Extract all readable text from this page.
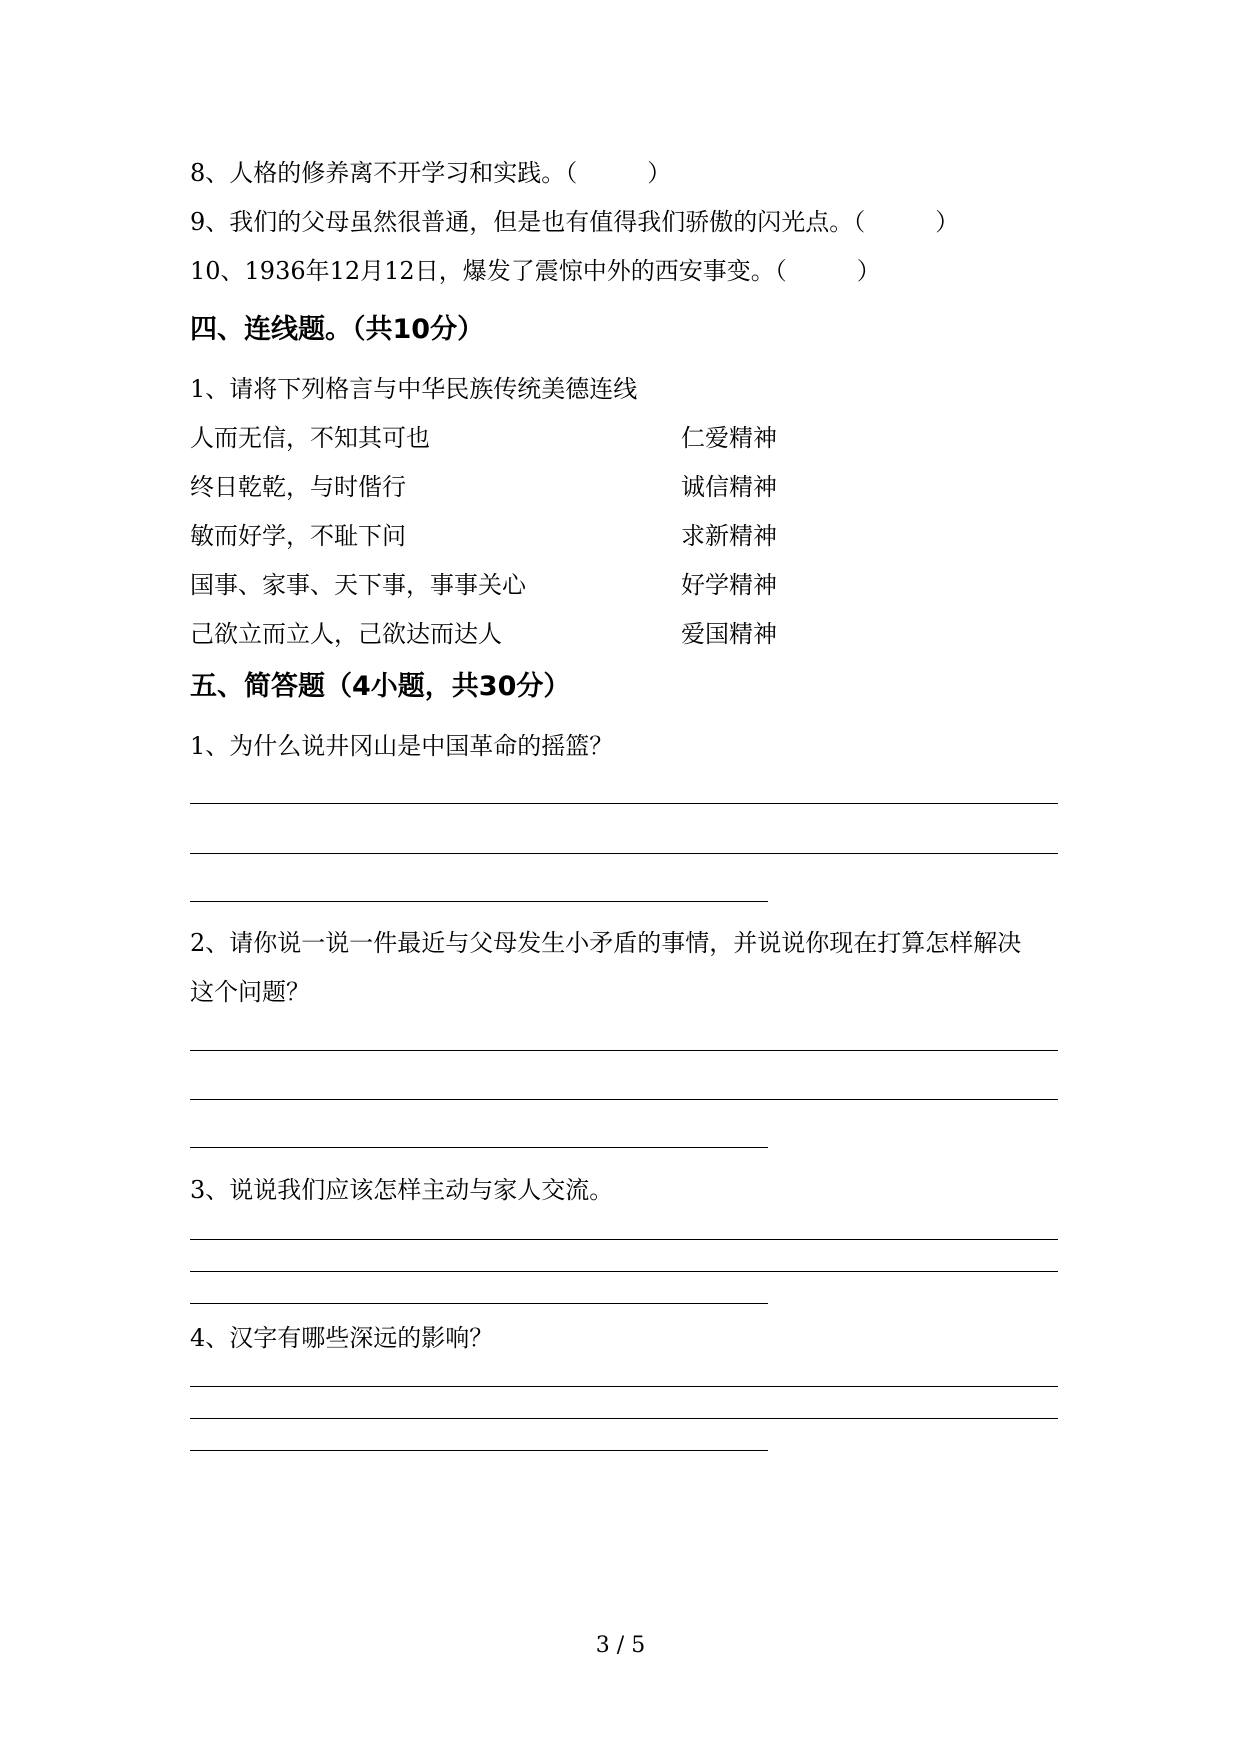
8、人格的修养离不开学习和实践。（	）
9、我们的父母虽然很普通，但是也有值得我们骄傲的闪光点。（	）
10、1936年12月12日，爆发了震惊中外的西安事变。（	）
四、连线题。（共10分）
1、请将下列格言与中华民族传统美德连线
人而无信，不知其可也	仁爱精神
终日乾乾，与时偕行	诚信精神
敏而好学，不耻下问	求新精神
国事、家事、天下事，事事关心	好学精神
己欲立而立人，己欲达而达人	爱国精神
五、简答题（4小题，共30分）
1、为什么说井冈山是中国革命的摇篮？
2、请你说一说一件最近与父母发生小矛盾的事情，并说说你现在打算怎样解决
这个问题？
3、说说我们应该怎样主动与家人交流。
4、汉字有哪些深远的影响？
3 / 5
